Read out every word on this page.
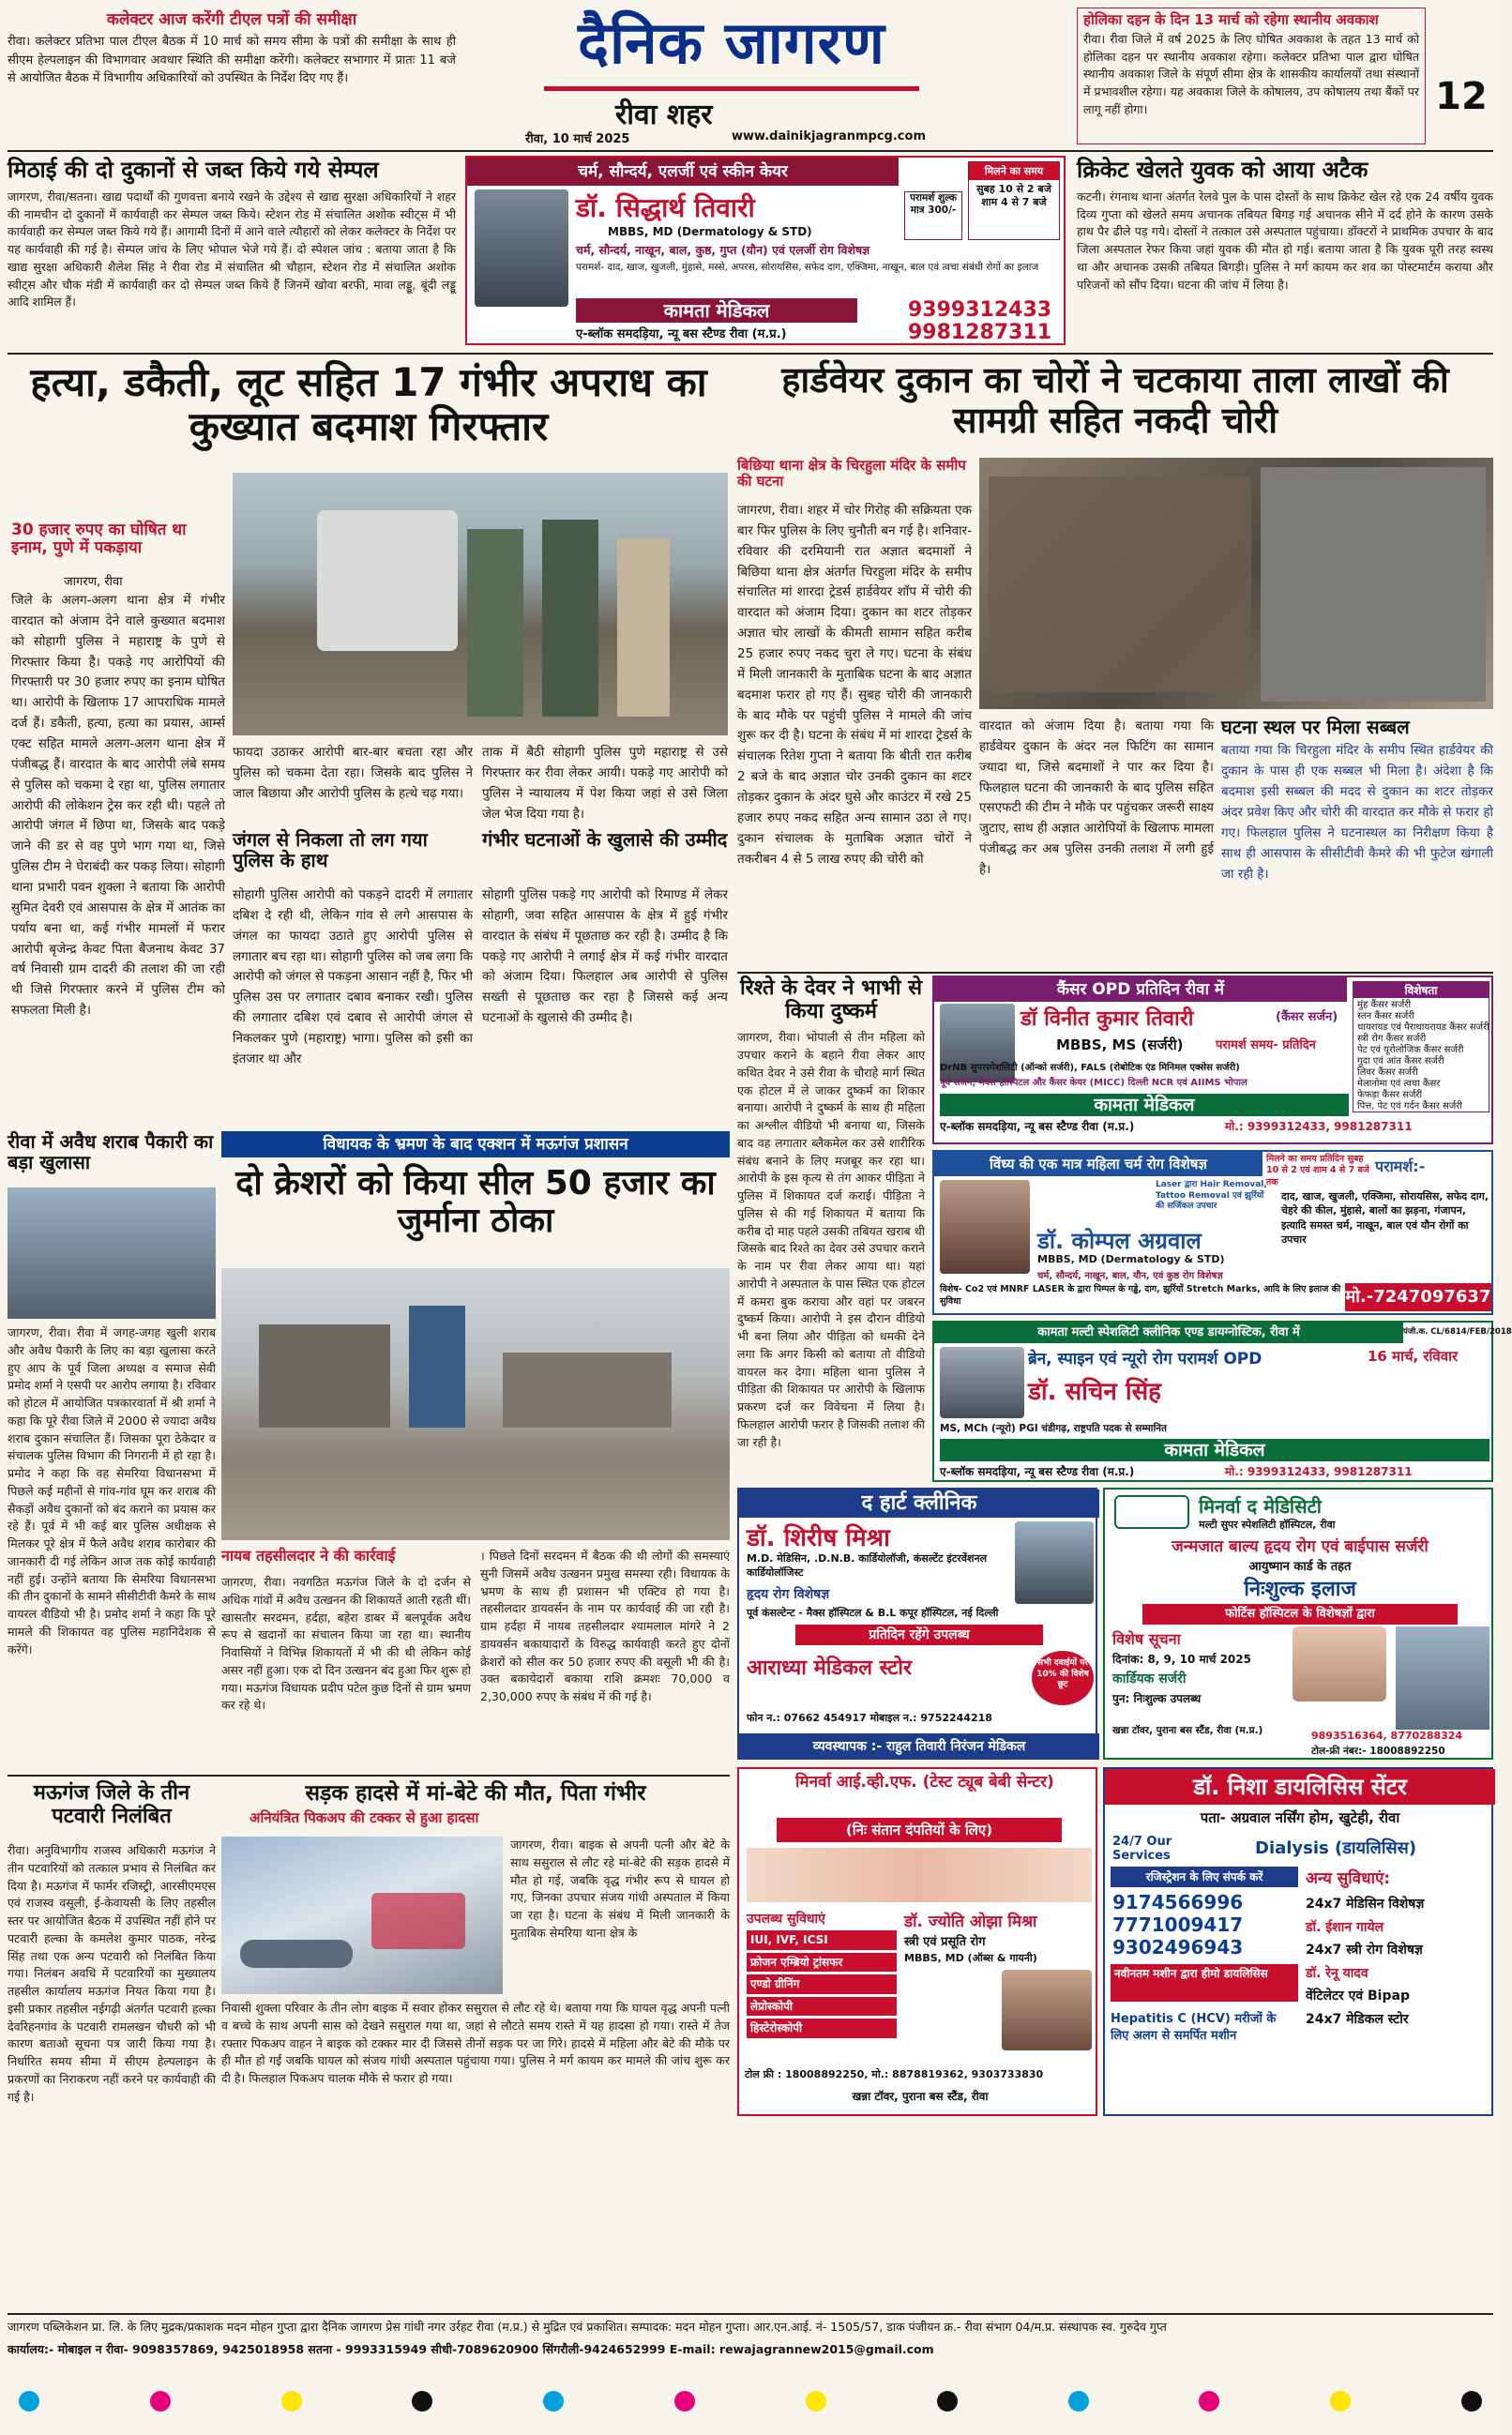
कलेक्टर आज करेंगी टीएल पत्रों की समीक्षा
रीवा। कलेक्टर प्रतिभा पाल टीएल बैठक में 10 मार्च को समय सीमा के पत्रों की समीक्षा के साथ ही सीएम हेल्पलाइन की विभागवार अवधार स्थिति की समीक्षा करेंगी। कलेक्टर सभागार में प्रातः 11 बजे से आयोजित बैठक में विभागीय अधिकारियों को उपस्थित के निर्देश दिए गए हैं।
दैनिक जागरण
रीवा शहर
रीवा, 10 मार्च 2025	www.dainikjagranmpcg.com
होलिका दहन के दिन 13 मार्च को रहेगा स्थानीय अवकाश
रीवा। रीवा जिले में वर्ष 2025 के लिए घोषित अवकाश के तहत 13 मार्च को होलिका दहन पर स्थानीय अवकाश रहेगा। कलेक्टर प्रतिभा पाल द्वारा घोषित स्थानीय अवकाश जिले के संपूर्ण सीमा क्षेत्र के शासकीय कार्यालयों तथा संस्थानों में प्रभावशील रहेगा। यह अवकाश जिले के कोषालय, उप कोषालय तथा बैंकों पर लागू नहीं होगा।	12
मिठाई की दो दुकानों से जब्त किये गये सेम्पल
जागरण, रीवा/सतना। खाद्य पदार्थों की गुणवत्ता बनाये रखने के उद्देश्य से खाद्य सुरक्षा अधिकारियों ने शहर की नामचीन दो दुकानों में कार्यवाही कर सेम्पल जब्त किये। स्टेशन रोड में संचालित अशोक स्वीट्स में भी कार्यवाही कर सेम्पल जब्त किये गये हैं। आगामी दिनों में आने वाले त्यौहारों को लेकर कलेक्टर के निर्देश पर यह कार्यवाही की गई है। सेम्पल जांच के लिए भोपाल भेजे गये हैं। दो स्पेशल जांच : बताया जाता है कि खाद्य सुरक्षा अधिकारी शैलेश सिंह ने रीवा रोड में संचालित श्री चौहान, स्टेशन रोड में संचालित अशोक स्वीट्स और चौक मंडी में कार्यवाही कर दो सेम्पल जब्त किये हैं जिनमें खोवा बरफी, मावा लड्डू, बूंदी लड्डू आदि शामिल हैं।
चर्म, सौन्दर्य, एलर्जी एवं स्कीन केयर
डॉ. सिद्धार्थ तिवारी
MBBS, MD (Dermatology & STD)
चर्म, सौन्दर्य, नाखून, बाल, कुष्ठ, गुप्त (यौन) एवं एलर्जी रोग विशेषज्ञ
परामर्श- दाद, खाज, खुजली, मुंहासे, मस्से, अपरस, सोरायसिस, सफेद दाग, एक्जिमा, नाखून, बाल एवं त्वचा संबंधी रोगों का इलाज
परामर्श शुल्क मात्र 300/-
मिलने का समय
सुबह 10 से 2 बजे शाम 4 से 7 बजे
कामता मेडिकल
ए-ब्लॉक समदड़िया, न्यू बस स्टैण्ड रीवा (म.प्र.)
9399312433
9981287311
क्रिकेट खेलते युवक को आया अटैक
कटनी। रंगनाथ थाना अंतर्गत रेलवे पुल के पास दोस्तों के साथ क्रिकेट खेल रहे एक 24 वर्षीय युवक दिव्य गुप्ता को खेलते समय अचानक तबियत बिगड़ गई अचानक सीने में दर्द होने के कारण उसके हाथ पैर ढीले पड़ गये। दोस्तों ने तत्काल उसे अस्पताल पहुंचाया। डॉक्टरों ने प्राथमिक उपचार के बाद जिला अस्पताल रेफर किया जहां युवक की मौत हो गई। बताया जाता है कि युवक पूरी तरह स्वस्थ था और अचानक उसकी तबियत बिगड़ी। पुलिस ने मर्ग कायम कर शव का पोस्टमार्टम कराया और परिजनों को सौंप दिया। घटना की जांच में लिया है।
हत्या, डकैती, लूट सहित 17 गंभीर अपराध का कुख्यात बदमाश गिरफ्तार
30 हजार रुपए का घोषित था इनाम, पुणे में पकड़ाया
जागरण, रीवा
जिले के अलग-अलग थाना क्षेत्र में गंभीर वारदात को अंजाम देने वाले कुख्यात बदमाश को सोहागी पुलिस ने महाराष्ट्र के पुणे से गिरफ्तार किया है। पकड़े गए आरोपियों की गिरफ्तारी पर 30 हजार रुपए का इनाम घोषित था। आरोपी के खिलाफ 17 आपराधिक मामले दर्ज हैं। डकैती, हत्या, हत्या का प्रयास, आर्म्स एक्ट सहित मामले अलग-अलग थाना क्षेत्र में पंजीबद्ध हैं। वारदात के बाद आरोपी लंबे समय से पुलिस को चकमा दे रहा था, पुलिस लगातार आरोपी की लोकेशन ट्रेस कर रही थी। पहले तो आरोपी जंगल में छिपा था, जिसके बाद पकड़े जाने की डर से वह पुणे भाग गया था, जिसे पुलिस टीम ने घेराबंदी कर पकड़ लिया। सोहागी थाना प्रभारी पवन शुक्ला ने बताया कि आरोपी सुमित देवरी एवं आसपास के क्षेत्र में आतंक का पर्याय बना था, कई गंभीर मामलों में फरार आरोपी बृजेन्द्र केवट पिता बैजनाथ केवट 37 वर्ष निवासी ग्राम दादरी की तलाश की जा रही थी जिसे गिरफ्तार करने में पुलिस टीम को सफलता मिली है।
फायदा उठाकर आरोपी बार-बार बचता रहा और पुलिस को चकमा देता रहा। जिसके बाद पुलिस ने जाल बिछाया और आरोपी पुलिस के हत्थे चढ़ गया।
जंगल से निकला तो लग गया पुलिस के हाथ
सोहागी पुलिस आरोपी को पकड़ने दादरी में लगातार दबिश दे रही थी, लेकिन गांव से लगे आसपास के जंगल का फायदा उठाते हुए आरोपी पुलिस से लगातार बच रहा था। सोहागी पुलिस को जब लगा कि आरोपी को जंगल से पकड़ना आसान नहीं है, फिर भी पुलिस उस पर लगातार दबाव बनाकर रखी। पुलिस की लगातार दबिश एवं दबाव से आरोपी जंगल से निकलकर पुणे (महाराष्ट्र) भागा। पुलिस को इसी का इंतजार था और
ताक में बैठी सोहागी पुलिस पुणे महाराष्ट्र से उसे गिरफ्तार कर रीवा लेकर आयी। पकड़े गए आरोपी को पुलिस ने न्यायालय में पेश किया जहां से उसे जिला जेल भेज दिया गया है।
गंभीर घटनाओं के खुलासे की उम्मीद
सोहागी पुलिस पकड़े गए आरोपी को रिमाण्ड में लेकर सोहागी, जवा सहित आसपास के क्षेत्र में हुई गंभीर वारदात के संबंध में पूछताछ कर रही है। उम्मीद है कि पकड़े गए आरोपी ने लगाई क्षेत्र में कई गंभीर वारदात को अंजाम दिया। फिलहाल अब आरोपी से पुलिस सख्ती से पूछताछ कर रहा है जिससे कई अन्य घटनाओं के खुलासे की उम्मीद है।
हार्डवेयर दुकान का चोरों ने चटकाया ताला लाखों की सामग्री सहित नकदी चोरी
बिछिया थाना क्षेत्र के चिरहुला मंदिर के समीप की घटना
जागरण, रीवा। शहर में चोर गिरोह की सक्रियता एक बार फिर पुलिस के लिए चुनौती बन गई है। शनिवार-रविवार की दरमियानी रात अज्ञात बदमाशों ने बिछिया थाना क्षेत्र अंतर्गत चिरहुला मंदिर के समीप संचालित मां शारदा ट्रेडर्स हार्डवेयर शॉप में चोरी की वारदात को अंजाम दिया। दुकान का शटर तोड़कर अज्ञात चोर लाखों के कीमती सामान सहित करीब 25 हजार रुपए नकद चुरा ले गए। घटना के संबंध में मिली जानकारी के मुताबिक घटना के बाद अज्ञात बदमाश फरार हो गए हैं। सुबह चोरी की जानकारी के बाद मौके पर पहुंची पुलिस ने मामले की जांच शुरू कर दी है। घटना के संबंध में मां शारदा ट्रेडर्स के संचालक रितेश गुप्ता ने बताया कि बीती रात करीब 2 बजे के बाद अज्ञात चोर उनकी दुकान का शटर तोड़कर दुकान के अंदर घुसे और काउंटर में रखे 25 हजार रुपए नकद सहित अन्य सामान उठा ले गए। दुकान संचालक के मुताबिक अज्ञात चोरों ने तकरीबन 4 से 5 लाख रुपए की चोरी को
वारदात को अंजाम दिया है। बताया गया कि हार्डवेयर दुकान के अंदर नल फिटिंग का सामान ज्यादा था, जिसे बदमाशों ने पार कर दिया है। फिलहाल घटना की जानकारी के बाद पुलिस सहित एसएफटी की टीम ने मौके पर पहुंचकर जरूरी साक्ष्य जुटाए, साथ ही अज्ञात आरोपियों के खिलाफ मामला पंजीबद्ध कर अब पुलिस उनकी तलाश में लगी हुई है।
घटना स्थल पर मिला सब्बल
बताया गया कि चिरहुला मंदिर के समीप स्थित हार्डवेयर की दुकान के पास ही एक सब्बल भी मिला है। अंदेशा है कि बदमाश इसी सब्बल की मदद से दुकान का शटर तोड़कर अंदर प्रवेश किए और चोरी की वारदात कर मौके से फरार हो गए। फिलहाल पुलिस ने घटनास्थल का निरीक्षण किया है साथ ही आसपास के सीसीटीवी कैमरे की भी फुटेज खंगाली जा रही है।
रिश्ते के देवर ने भाभी से किया दुष्कर्म
जागरण, रीवा। भोपाली से तीन महिला को उपचार कराने के बहाने रीवा लेकर आए कथित देवर ने उसे रीवा के चौराहे मार्ग स्थित एक होटल में ले जाकर दुष्कर्म का शिकार बनाया। आरोपी ने दुष्कर्म के साथ ही महिला का अश्लील वीडियो भी बनाया था, जिसके बाद वह लगातार ब्लैकमेल कर उसे शारीरिक संबंध बनाने के लिए मजबूर कर रहा था। आरोपी के इस कृत्य से तंग आकर पीड़िता ने पुलिस में शिकायत दर्ज कराई। पीड़िता ने पुलिस से की गई शिकायत में बताया कि करीब दो माह पहले उसकी तबियत खराब थी जिसके बाद रिश्ते का देवर उसे उपचार कराने के नाम पर रीवा लेकर आया था। यहां आरोपी ने अस्पताल के पास स्थित एक होटल में कमरा बुक कराया और वहां पर जबरन दुष्कर्म किया। आरोपी ने इस दौरान वीडियो भी बना लिया और पीड़िता को धमकी देने लगा कि अगर किसी को बताया तो वीडियो वायरल कर देगा। महिला थाना पुलिस ने पीड़िता की शिकायत पर आरोपी के खिलाफ प्रकरण दर्ज कर विवेचना में लिया है। फिलहाल आरोपी फरार है जिसकी तलाश की जा रही है।
कैंसर OPD प्रतिदिन रीवा में
डॉ विनीत कुमार तिवारी	(कैंसर सर्जन)
MBBS, MS (सर्जरी)	परामर्श समय- प्रतिदिन
DrNB सुपरस्पेशलिटी (ऑन्को सर्जरी), FALS (रोबोटिक एंड मिनिमल एक्सेस सर्जरी)
पूर्व सर्जन, मैक्स हॉस्पिटल और कैंसर केयर (MICC) दिल्ली NCR एवं AIIMS भोपाल
कामता मेडिकल
ए-ब्लॉक समदड़िया, न्यू बस स्टैण्ड रीवा (म.प्र.)	मो.: 9399312433, 9981287311
विशेषता
मुंह कैंसर सर्जरी
स्तन कैंसर सर्जरी
थायरायड एवं पैराथायरायड कैंसर सर्जरी
स्त्री रोग कैंसर सर्जरी
पेट एवं यूरोलोजिक कैंसर सर्जरी
गुदा एवं आंत कैंसर सर्जरी
लिवर कैंसर सर्जरी
मेलानोमा एवं त्वचा कैंसर
फेफड़ा कैंसर सर्जरी
पित्त, पेट एवं गर्दन कैंसर सर्जरी
विंध्य की एक मात्र महिला चर्म रोग विशेषज्ञ	मिलने का समय प्रतिदिन सुबह 10 से 2 एवं शाम 4 से 7 बजे तक
Laser द्वारा Hair Removal, Tattoo Removal एवं झुर्रियों की सर्जिकल उपचार
डॉ. कोम्पल अग्रवाल
MBBS, MD (Dermatology & STD)
चर्म, सौन्दर्य, नाखून, बाल, यौन, एवं कुष्ठ रोग विशेषज्ञ
परामर्श:-
दाद, खाज, खुजली, एक्जिमा, सोरायसिस, सफेद दाग, चेहरे की कील, मुंहासे, बालों का झड़ना, गंजापन, इत्यादि समस्त चर्म, नाखून, बाल एवं यौन रोगों का उपचार
विशेष- Co2 एवं MNRF LASER के द्वारा पिम्पल के गड्ढे, दाग, झुर्रियों Stretch Marks, आदि के लिए इलाज की सुविधा	मो.-7247097637
कामता मल्टी स्पेशलिटी क्लीनिक एण्ड डायग्नोस्टिक, रीवा में	पंजी.क. CL/6814/FEB/2018
ब्रेन, स्पाइन एवं न्यूरो रोग परामर्श OPD	16 मार्च, रविवार
डॉ. सचिन सिंह
MS, MCh (न्यूरो) PGI चंडीगढ़, राष्ट्रपति पदक से सम्मानित
कामता मेडिकल
ए-ब्लॉक समदड़िया, न्यू बस स्टैण्ड रीवा (म.प्र.)	मो.: 9399312433, 9981287311
रीवा में अवैध शराब पैकारी का बड़ा खुलासा
जागरण, रीवा। रीवा में जगह-जगह खुली शराब और अवैध पैकारी के लिए का बड़ा खुलासा करते हुए आप के पूर्व जिला अध्यक्ष व समाज सेवी प्रमोद शर्मा ने एसपी पर आरोप लगाया है। रविवार को होटल में आयोजित पत्रकारवार्ता में श्री शर्मा ने कहा कि पूरे रीवा जिले में 2000 से ज्यादा अवैध शराब दुकान संचालित हैं। जिसका पूरा ठेकेदार व संचालक पुलिस विभाग की निगरानी में हो रहा है। प्रमोद ने कहा कि वह सेमरिया विधानसभा में पिछले कई महीनों से गांव-गांव घूम कर शराब की सैकड़ों अवैध दुकानों को बंद कराने का प्रयास कर रहे हैं। पूर्व में भी कई बार पुलिस अधीक्षक से मिलकर पूरे क्षेत्र में फैले अवैध शराब कारोबार की जानकारी दी गई लेकिन आज तक कोई कार्यवाही नहीं हुई। उन्होंने बताया कि सेमरिया विधानसभा की तीन दुकानों के सामने सीसीटीवी कैमरे के साथ वायरल वीडियो भी है। प्रमोद शर्मा ने कहा कि पूरे मामले की शिकायत वह पुलिस महानिदेशक से करेंगे।
विधायक के भ्रमण के बाद एक्शन में मऊगंज प्रशासन
दो क्रेशरों को किया सील 50 हजार का जुर्माना ठोका
नायब तहसीलदार ने की कार्रवाई
जागरण, रीवा। नवगठित मऊगंज जिले के दो दर्जन से अधिक गांवों में अवैध उत्खनन की शिकायतें आती रहती थीं। खासतौर सरदमन, हर्दहा, बहेरा डाबर में बलपूर्वक अवैध रूप से खदानों का संचालन किया जा रहा था। स्थानीय निवासियों ने विभिन्न शिकायतों में भी की थी लेकिन कोई असर नहीं हुआ। एक दो दिन उत्खनन बंद हुआ फिर शुरू हो गया। मऊगंज विधायक प्रदीप पटेल कुछ दिनों से ग्राम भ्रमण कर रहे थे।
। पिछले दिनों सरदमन में बैठक की थी लोगों की समस्याएं सुनी जिसमें अवैध उत्खनन प्रमुख समस्या रही। विधायक के भ्रमण के साथ ही प्रशासन भी एक्टिव हो गया है। तहसीलदार डायवर्सन के नाम पर कार्यवाई की जा रही है। ग्राम हर्दहा में नायब तहसीलदार श्यामलाल मांगरे ने 2 डायवर्सन बकायादारों के विरुद्ध कार्यवाही करते हुए दोनों क्रेशरों को सील कर 50 हजार रुपए की वसूली भी की है। उक्त बकायेदारों बकाया राशि क्रमशः 70,000 व 2,30,000 रुपए के संबंध में की गई है।
मऊगंज जिले के तीन पटवारी निलंबित
रीवा। अनुविभागीय राजस्व अधिकारी मऊगंज ने तीन पटवारियों को तत्काल प्रभाव से निलंबित कर दिया है। मऊगंज में फार्मर रजिस्ट्री, आरसीएमएस एवं राजस्व वसूली, ई-केवायसी के लिए तहसील स्तर पर आयोजित बैठक में उपस्थित नहीं होने पर पटवारी हल्का के कमलेश कुमार पाठक, नरेन्द्र सिंह तथा एक अन्य पटवारी को निलंबित किया गया। निलंबन अवधि में पटवारियों का मुख्यालय तहसील कार्यालय मऊगंज नियत किया गया है। इसी प्रकार तहसील नईगढ़ी अंतर्गत पटवारी हल्का देवरिहनगांव के पटवारी रामलखन चौधरी को भी कारण बताओ सूचना पत्र जारी किया गया है। निर्धारित समय सीमा में सीएम हेल्पलाइन के प्रकरणों का निराकरण नहीं करने पर कार्यवाही की गई है।
सड़क हादसे में मां-बेटे की मौत, पिता गंभीर
अनियंत्रित पिकअप की टक्कर से हुआ हादसा
जागरण, रीवा। बाइक से अपनी पत्नी और बेटे के साथ ससुराल से लौट रहे मां-बेटे की सड़क हादसे में मौत हो गई, जबकि वृद्ध गंभीर रूप से घायल हो गए, जिनका उपचार संजय गांधी अस्पताल में किया जा रहा है। घटना के संबंध में मिली जानकारी के मुताबिक सेमरिया थाना क्षेत्र के
निवासी शुक्ला परिवार के तीन लोग बाइक में सवार होकर ससुराल से लौट रहे थे। बताया गया कि घायल वृद्ध अपनी पत्नी व बच्चे के साथ अपनी सास को देखने ससुराल गया था, जहां से लौटते समय रास्ते में यह हादसा हो गया। रास्ते में तेज रफ्तार पिकअप वाहन ने बाइक को टक्कर मार दी जिससे तीनों सड़क पर जा गिरे। हादसे में महिला और बेटे की मौके पर ही मौत हो गई जबकि घायल को संजय गांधी अस्पताल पहुंचाया गया। पुलिस ने मर्ग कायम कर मामले की जांच शुरू कर दी है। फिलहाल पिकअप चालक मौके से फरार हो गया।
द हार्ट क्लीनिक
डॉ. शिरीष मिश्रा
M.D. मेडिसिन, .D.N.B. कार्डियोलॉजी, कंसल्टेंट इंटरवेंशनल कार्डियोलॉजिस्ट
हृदय रोग विशेषज्ञ
पूर्व कंसल्टेन्ट - मैक्स हॉस्पिटल & B.L कपूर हॉस्पिटल, नई दिल्ली
प्रतिदिन रहेंगे उपलब्ध
आराध्या मेडिकल स्टोर	सभी दवाईयों पर 10% की विशेष छूट
फोन न.: 07662 454917 मोबाइल न.: 9752244218
व्यवस्थापक :- राहुल तिवारी निरंजन मेडिकल
मिनर्वा द मेडिसिटी
मल्टी सुपर स्पेशलिटी हॉस्पिटल, रीवा
जन्मजात बाल्य हृदय रोग एवं बाईपास सर्जरी
आयुष्मान कार्ड के तहत
निःशुल्क इलाज
फोर्टिस हॉस्पिटल के विशेषज्ञों द्वारा
विशेष सूचना
दिनांक: 8, 9, 10 मार्च 2025
कार्डियक सर्जरी
पुन: निःशुल्क उपलब्ध
खन्ना टॉवर, पुराना बस स्टैंड, रीवा (म.प्र.)	9893516364, 8770288324
टोल-फ्री नंबर:- 18008892250
मिनर्वा आई.व्ही.एफ. (टेस्ट ट्यूब बेबी सेन्टर)
(निः संतान दंपतियों के लिए)
उपलब्ध सुविधाएं
IUI, IVF, ICSI
फ्रोजन एम्ब्रियो ट्रांसफर
एण्डो ग्रीनिंग
लेप्रोस्कोपी
हिस्टेरोस्कोपी
डॉ. ज्योति ओझा मिश्रा
स्त्री एवं प्रसूति रोग
MBBS, MD (ऑब्स & गायनी)
टोल फ्री : 18008892250, मो.: 8878819362, 9303733830
खन्ना टॉवर, पुराना बस स्टैंड, रीवा
डॉ. निशा डायलिसिस सेंटर
पता- अग्रवाल नर्सिंग होम, खुटेही, रीवा
24/7 Our Services	Dialysis (डायलिसिस)
रजिस्ट्रेशन के लिए संपर्क करें
9174566996
7771009417
9302496943
नवीनतम मशीन द्वारा हीमो डायलिसिस
Hepatitis C (HCV) मरीजों के लिए अलग से समर्पित मशीन
अन्य सुविधाएं:
24x7 मेडिसिन विशेषज्ञ
डॉ. ईशान गायेल
24x7 स्त्री रोग विशेषज्ञ
डॉ. रेनू यादव
वेंटिलेटर एवं Bipap
24x7 मेडिकल स्टोर
जागरण पब्लिकेशन प्रा. लि. के लिए मुद्रक/प्रकाशक मदन मोहन गुप्ता द्वारा दैनिक जागरण प्रेस गांधी नगर उर्रहट रीवा (म.प्र.) से मुद्रित एवं प्रकाशित। सम्पादक: मदन मोहन गुप्ता। आर.एन.आई. नं- 1505/57, डाक पंजीयन क्र.- रीवा संभाग 04/म.प्र. संस्थापक स्व. गुरुदेव गुप्त
कार्यालय:- मोबाइल न रीवा- 9098357869, 9425018958 सतना - 9993315949 सीधी-7089620900 सिंगरौली-9424652999 E-mail: rewajagrannew2015@gmail.com
